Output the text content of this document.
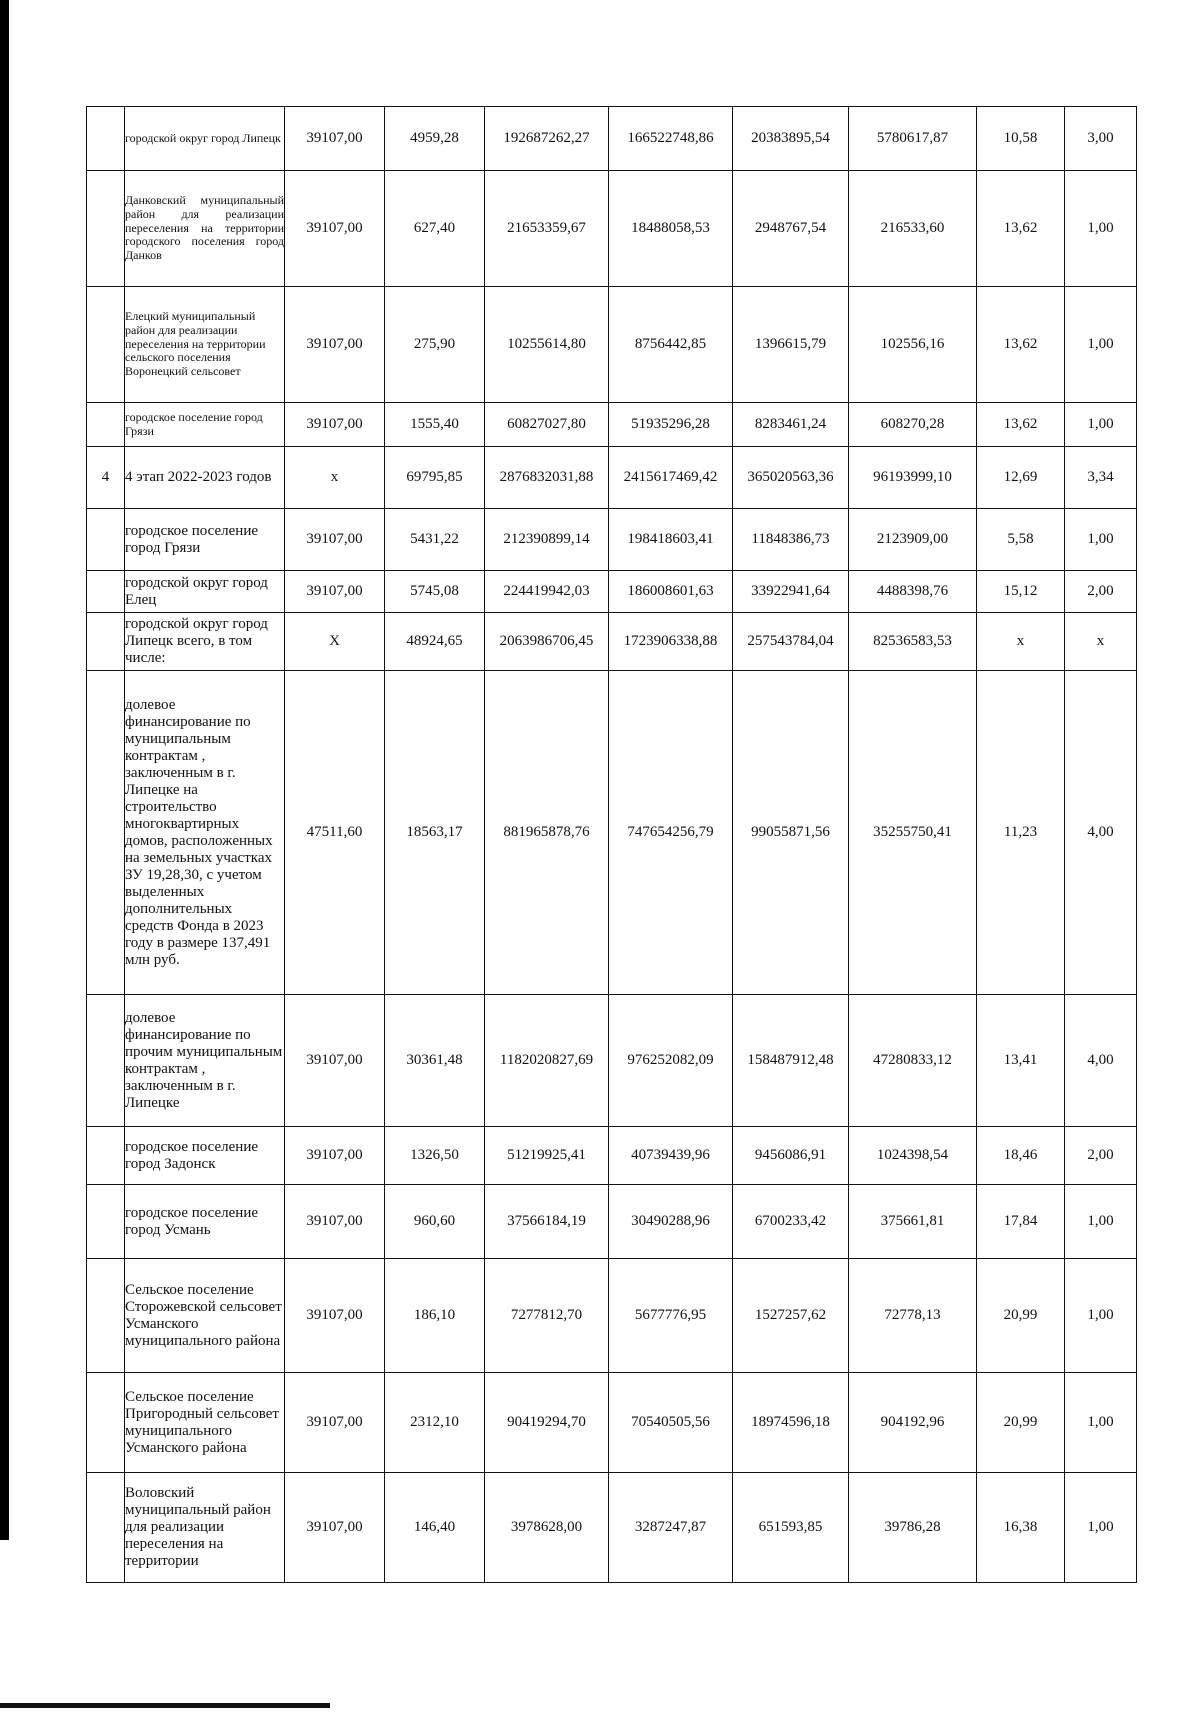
	городской округ город Липецк	39107,00	4959,28	192687262,27	166522748,86	20383895,54	5780617,87	10,58	3,00
	Данковский муниципальный район для реализации переселения на территории городского поселения город Данков	39107,00	627,40	21653359,67	18488058,53	2948767,54	216533,60	13,62	1,00
	Елецкий муниципальный район для реализации переселения на территории сельского поселения Воронецкий сельсовет	39107,00	275,90	10255614,80	8756442,85	1396615,79	102556,16	13,62	1,00
	городское поселение город Грязи	39107,00	1555,40	60827027,80	51935296,28	8283461,24	608270,28	13,62	1,00
4	4 этап 2022-2023 годов	x	69795,85	2876832031,88	2415617469,42	365020563,36	96193999,10	12,69	3,34
	городское поселение город Грязи	39107,00	5431,22	212390899,14	198418603,41	11848386,73	2123909,00	5,58	1,00
	городской округ город Елец	39107,00	5745,08	224419942,03	186008601,63	33922941,64	4488398,76	15,12	2,00
	городской округ город Липецк всего, в том числе:	Х	48924,65	2063986706,45	1723906338,88	257543784,04	82536583,53	х	х
	долевое финансирование по муниципальным контрактам , заключенным в г. Липецке на строительство многоквартирных домов, расположенных на земельных участках ЗУ 19,28,30, с учетом выделенных дополнительных средств Фонда в 2023 году в размере 137,491 млн руб.	47511,60	18563,17	881965878,76	747654256,79	99055871,56	35255750,41	11,23	4,00
	долевое финансирование по прочим муниципальным контрактам , заключенным в г. Липецке	39107,00	30361,48	1182020827,69	976252082,09	158487912,48	47280833,12	13,41	4,00
	городское поселение город Задонск	39107,00	1326,50	51219925,41	40739439,96	9456086,91	1024398,54	18,46	2,00
	городское поселение город Усмань	39107,00	960,60	37566184,19	30490288,96	6700233,42	375661,81	17,84	1,00
	Сельское поселение Сторожевской сельсовет Усманского муниципального района	39107,00	186,10	7277812,70	5677776,95	1527257,62	72778,13	20,99	1,00
	Сельское поселение Пригородный сельсовет муниципального Усманского района	39107,00	2312,10	90419294,70	70540505,56	18974596,18	904192,96	20,99	1,00
	Воловский муниципальный район для реализации переселения на территории	39107,00	146,40	3978628,00	3287247,87	651593,85	39786,28	16,38	1,00
